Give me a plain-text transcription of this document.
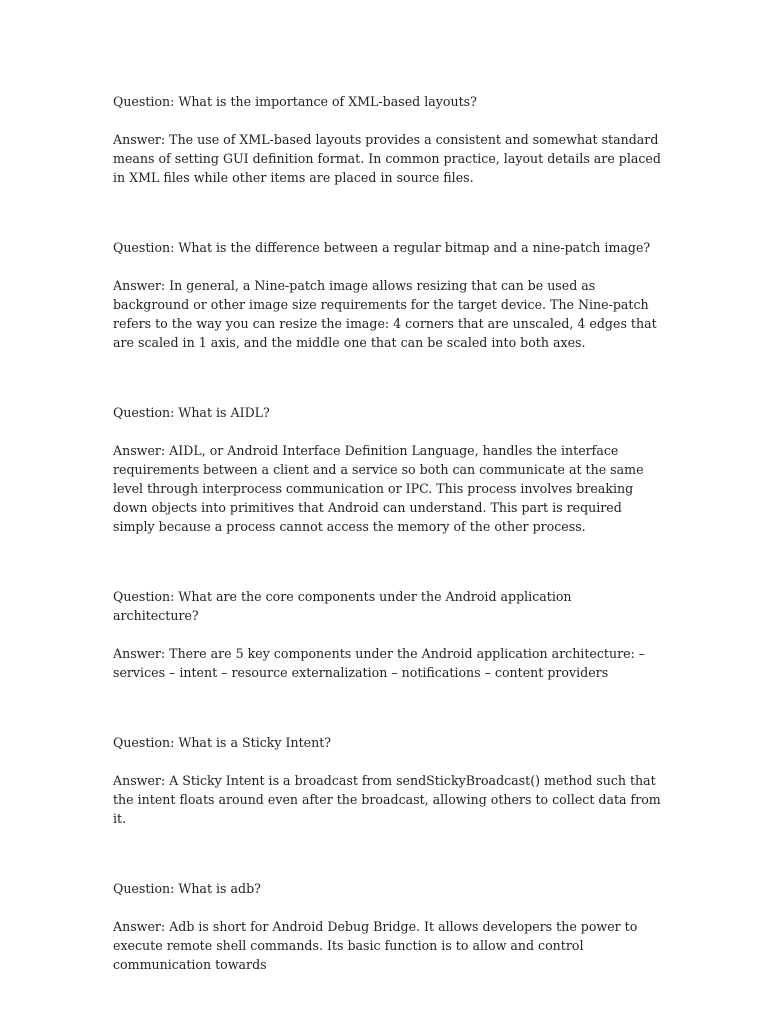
Question: What is the importance of XML-based layouts?

Answer: The use of XML-based layouts provides a consistent and somewhat standard means of setting GUI definition format. In common practice, layout details are placed in XML files while other items are placed in source files.

Question: What is the difference between a regular bitmap and a nine-patch image?

Answer: In general, a Nine-patch image allows resizing that can be used as background or other image size requirements for the target device. The Nine-patch refers to the way you can resize the image: 4 corners that are unscaled, 4 edges that are scaled in 1 axis, and the middle one that can be scaled into both axes.

Question: What is AIDL?

Answer: AIDL, or Android Interface Definition Language, handles the interface requirements between a client and a service so both can communicate at the same level through interprocess communication or IPC. This process involves breaking down objects into primitives that Android can understand. This part is required simply because a process cannot access the memory of the other process.

Question: What are the core components under the Android application architecture?

Answer: There are 5 key components under the Android application architecture: – services – intent – resource externalization – notifications – content providers

Question: What is a Sticky Intent?

Answer: A Sticky Intent is a broadcast from sendStickyBroadcast() method such that the intent floats around even after the broadcast, allowing others to collect data from it.

Question: What is adb?

Answer: Adb is short for Android Debug Bridge. It allows developers the power to execute remote shell commands. Its basic function is to allow and control communication towards
